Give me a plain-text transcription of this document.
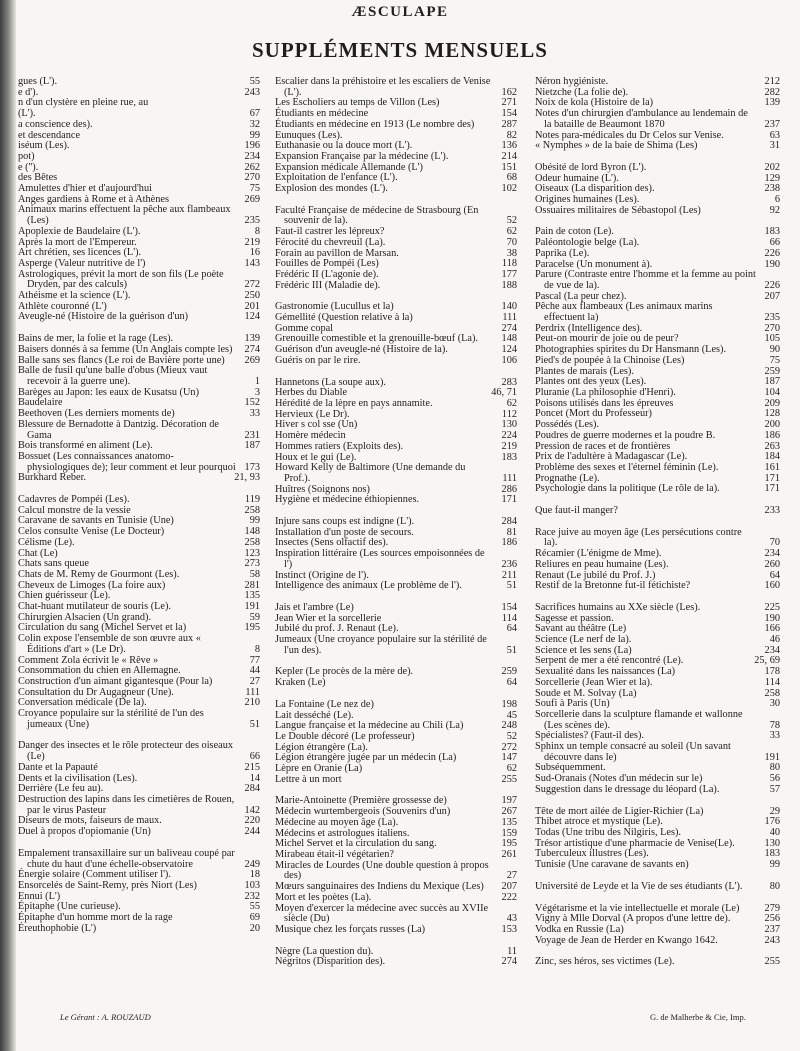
ÆSCULAPE
SUPPLÉMENTS MENSUELS
gues (L').	55
e d').	243
n d'un clystère en pleine rue, au
(L').	67
a conscience des).	32
et descendance	99
iséum (Les).	196
pot)	234
e ('').	262
des Bêtes	270
Amulettes d'hier et d'aujourd'hui	75
Anges gardiens à Rome et à Athènes	269
Animaux marins effectuent la pêche aux flambeaux (Les)	235
Apoplexie de Baudelaire (L').	8
Après la mort de l'Empereur.	219
Art chrétien, ses licences (L').	16
Asperge (Valeur nutritive de l')	143
Astrologiques, prévit la mort de son fils (Le poète Dryden, par des calculs)	272
Athéisme et la science (L').	250
Athlète couronné (L')	201
Aveugle-né (Histoire de la guérison d'un)	124
Bains de mer, la folie et la rage (Les).	139
Baisers donnés à sa femme (Un Anglais compte les)	274
Balle sans ses flancs (Le roi de Bavière porte une)	269
Balle de fusil qu'une balle d'obus (Mieux vaut recevoir à la guerre une).	1
Barèges au Japon: les eaux de Kusatsu (Un)	3
Baudelaire	152
Beethoven (Les derniers moments de)	33
Blessure de Bernadotte à Dantzig. Décoration de Gama	231
Bois transformé en aliment (Le).	187
Bossuet (Les connaissances anatomo-physiologiques de); leur comment et leur pourquoi 173
Burkhard Reber.	21, 93
Cadavres de Pompéi (Les).	119
Calcul monstre de la vessie	258
Caravane de savants en Tunisie (Une)	99
Celos consulte Venise (Le Docteur)	148
Célisme (Le).	258
Chat (Le)	123
Chats sans queue	273
Chats de M. Remy de Gourmont (Les).	58
Cheveux de Limoges (La foire aux)	281
Chien guérisseur (Le).	135
Chat-huant mutilateur de souris (Le).	191
Chirurgien Alsacien (Un grand).	59
Circulation du sang (Michel Servet et la)	195
Colin expose l'ensemble de son œuvre aux « Éditions d'art » (Le Dr).	8
Comment Zola écrivit le « Rêve »	77
Consommation du chien en Allemagne.	44
Construction d'un aimant gigantesque (Pour la)	27
Consultation du Dr Augagneur (Une).	111
Conversation médicale (De la).	210
Croyance populaire sur la stérilité de l'un des jumeaux (Une)	51
Danger des insectes et le rôle protecteur des oiseaux (Le)	66
Dante et la Papauté	215
Dents et la civilisation (Les).	14
Derrière (Le feu au).	284
Destruction des lapins dans les cimetières de Rouen, par le virus Pasteur	142
Diseurs de mots, faiseurs de maux.	220
Duel à propos d'opiomanie (Un)	244
Empalement transaxillaire sur un baliveau coupé par chute du haut d'une échelle-observatoire	249
Énergie solaire (Comment utiliser l').	18
Ensorcelés de Saint-Remy, près Niort (Les)	103
Ennui (L')	232
Épitaphe (Une curieuse).	55
Épitaphe d'un homme mort de la rage	69
Éreuthophobie (L')	20
Escalier dans la préhistoire et les escaliers de Venise (L').	162
Les Escholiers au temps de Villon (Les)	271
Étudiants en médecine	154
Étudiants en médecine en 1913 (Le nombre des)	287
Eunuques (Les).	82
Euthanasie ou la douce mort (L').	136
Expansion Française par la médecine (L').	214
Expansion médicale Allemande (L')	151
Exploitation de l'enfance (L').	68
Explosion des mondes (L').	102
Faculté Française de médecine de Strasbourg (En souvenir de la).	52
Faut-il castrer les lépreux?	62
Férocité du chevreuil (La).	70
Forain au pavillon de Marsan.	38
Fouilles de Pompéi (Les)	118
Frédéric II (L'agonie de).	177
Frédéric III (Maladie de).	188
Gastronomie (Lucullus et la)	140
Gémellité (Question relative à la)	111
Gomme copal	274
Grenouille comestible et la grenouille-bœuf (La).	148
Guérison d'un aveugle-né (Histoire de la).	124
Guéris on par le rire.	106
Hannetons (La soupe aux).	283
Herbes du Diable	46, 71
Hérédité de la lèpre en pays annamite.	62
Hervieux (Le Dr).	112
Hiver s col sse (Un)	130
Homère médecin	224
Hommes ratiers (Exploits des).	219
Houx et le gui (Le).	183
Howard Kelly de Baltimore (Une demande du Prof.).	111
Huîtres (Soignons nos)	286
Hygiène et médecine éthiopiennes.	171
Injure sans coups est indigne (L').	284
Installation d'un poste de secours.	81
Insectes (Sens olfactif des).	186
Inspiration littéraire (Les sources empoisonnées de l')	236
Instinct (Origine de l').	211
Intelligence des animaux (Le problème de l').	51
Jais et l'ambre (Le)	154
Jean Wier et la sorcellerie	114
Jubilé du prof. J. Renaut (Le).	64
Jumeaux (Une croyance populaire sur la stérilité de l'un des).	51
Kepler (Le procès de la mère de).	259
Kraken (Le)	64
La Fontaine (Le nez de)	198
Lait desséché (Le).	45
Langue française et la médecine au Chili (La)	248
Le Double décoré (Le professeur)	52
Légion étrangère (La).	272
Légion étrangère jugée par un médecin (La)	147
Lèpre en Oranie (La)	62
Lettre à un mort	255
Marie-Antoinette (Première grossesse de)	197
Médecin wurtembergeois (Souvenirs d'un)	267
Médecine au moyen âge (La).	135
Médecins et astrologues italiens.	159
Michel Servet et la circulation du sang.	195
Mirabeau était-il végétarien?	261
Miracles de Lourdes (Une double question à propos des)	27
Mœurs sanguinaires des Indiens du Mexique (Les)	207
Mort et les poètes (La).	222
Moyen d'exercer la médecine avec succès au XVIIe siècle (Du)	43
Musique chez les forçats russes (La)	153
Nègre (La question du).	11
Négritos (Disparition des).	274
Néron hygiéniste.	212
Nietzche (La folie de).	282
Noix de kola (Histoire de la)	139
Notes d'un chirurgien d'ambulance au lendemain de la bataille de Beaumont 1870	237
Notes para-médicales du Dr Celos sur Venise.	63
« Nymphes » de la baie de Shima (Les)	31
Obésité de lord Byron (L').	202
Odeur humaine (L').	129
Oiseaux (La disparition des).	238
Origines humaines (Les).	6
Ossuaires militaires de Sébastopol (Les)	92
Pain de coton (Le).	183
Paléontologie belge (La).	66
Paprika (Le).	226
Paracelse (Un monument à).	190
Parure (Contraste entre l'homme et la femme au point de vue de la).	226
Pascal (La peur chez).	207
Pêche aux flambeaux (Les animaux marins effectuent la)	235
Perdrix (Intelligence des).	270
Peut-on mourir de joie ou de peur?	105
Photographies spirites du Dr Hansmann (Les).	90
Pied's de poupée à la Chinoise (Les)	75
Plantes de marais (Les).	259
Plantes ont des yeux (Les).	187
Pluranie (La philosophie d'Henri).	104
Poisons utilisés dans les épreuves	209
Poncet (Mort du Professeur)	128
Possédés (Les).	200
Poudres de guerre modernes et la poudre B.	186
Pression de races et de frontières	263
Prix de l'adultère à Madagascar (Le).	184
Problème des sexes et l'éternel féminin (Le).	161
Prognathe (Le).	171
Psychologie dans la politique (Le rôle de la).	171
Que faut-il manger?	233
Race juive au moyen âge (Les persécutions contre la).	70
Récamier (L'énigme de Mme).	234
Reliures en peau humaine (Les).	260
Renaut (Le jubilé du Prof. J.)	64
Restif de la Bretonne fut-il fétichiste?	160
Sacrifices humains au XXe siècle (Les).	225
Sagesse et passion.	190
Savant au théâtre (Le)	166
Science (Le nerf de la).	46
Science et les sens (La)	234
Serpent de mer a été rencontré (Le).	25, 69
Sexualité dans les naissances (La)	178
Sorcellerie (Jean Wier et la).	114
Soude et M. Solvay (La)	258
Soufi à Paris (Un)	30
Sorcellerie dans la sculpture flamande et wallonne (Les scènes de).	78
Spécialistes? (Faut-il des).	33
Sphinx un temple consacré au soleil (Un savant découvre dans le)	191
Subséquemment.	80
Sud-Oranais (Notes d'un médecin sur le)	56
Suggestion dans le dressage du léopard (La).	57
Tête de mort ailée de Ligier-Richier (La)	29
Thibet atroce et mystique (Le).	176
Todas (Une tribu des Nilgiris, Les).	40
Trésor artistique d'une pharmacie de Venise(Le).	130
Tuberculeux illustres (Les).	183
Tunisie (Une caravane de savants en)	99
Université de Leyde et la Vie de ses étudiants (L').	80
Végétarisme et la vie intellectuelle et morale (Le)	279
Vigny à Mlle Dorval (A propos d'une lettre de).	256
Vodka en Russie (La)	237
Voyage de Jean de Herder en Kwango 1642.	243
Zinc, ses héros, ses victimes (Le).	255
Le Gérant : A. ROUZAUD	G. de Malherbe & Cie, Imp.
